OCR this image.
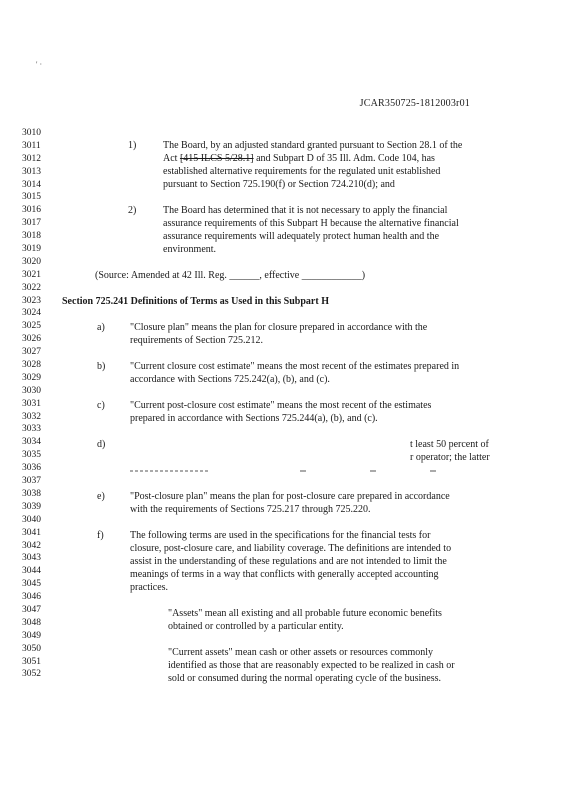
' ·
JCAR350725-1812003r01
3010
3011
3012
3013
3014
3015
3016
3017
3018
3019
3020
3021
3022
3023
3024
3025
3026
3027
3028
3029
3030
3031
3032
3033
3034
3035
3036
3037
3038
3039
3040
3041
3042
3043
3044
3045
3046
3047
3048
3049
3050
3051
3052
1)	The Board, by an adjusted standard granted pursuant to Section 28.1 of the
Act [415 ILCS 5/28.1] and Subpart D of 35 Ill. Adm. Code 104, has
established alternative requirements for the regulated unit established
pursuant to Section 725.190(f) or Section 724.210(d); and
2)	The Board has determined that it is not necessary to apply the financial
assurance requirements of this Subpart H because the alternative financial
assurance requirements will adequately protect human health and the
environment.
(Source: Amended at 42 Ill. Reg. ______, effective ____________)
Section 725.241 Definitions of Terms as Used in this Subpart H
a)	"Closure plan" means the plan for closure prepared in accordance with the
requirements of Section 725.212.
b) "Current closure cost estimate" means the most recent of the estimates prepared in
accordance with Sections 725.242(a), (b), and (c).
c)	"Current post-closure cost estimate" means the most recent of the estimates
prepared in accordance with Sections 725.244(a), (b), and (c).
d)	t least 50 percent of
r operator; the latter
e)	"Post-closure plan" means the plan for post-closure care prepared in accordance
with the requirements of Sections 725.217 through 725.220.
f)	The following terms are used in the specifications for the financial tests for
closure, post-closure care, and liability coverage. The definitions are intended to
assist in the understanding of these regulations and are not intended to limit the
meanings of terms in a way that conflicts with generally accepted accounting
practices.
"Assets" mean all existing and all probable future economic benefits
obtained or controlled by a particular entity.
"Current assets" mean cash or other assets or resources commonly
identified as those that are reasonably expected to be realized in cash or
sold or consumed during the normal operating cycle of the business.
